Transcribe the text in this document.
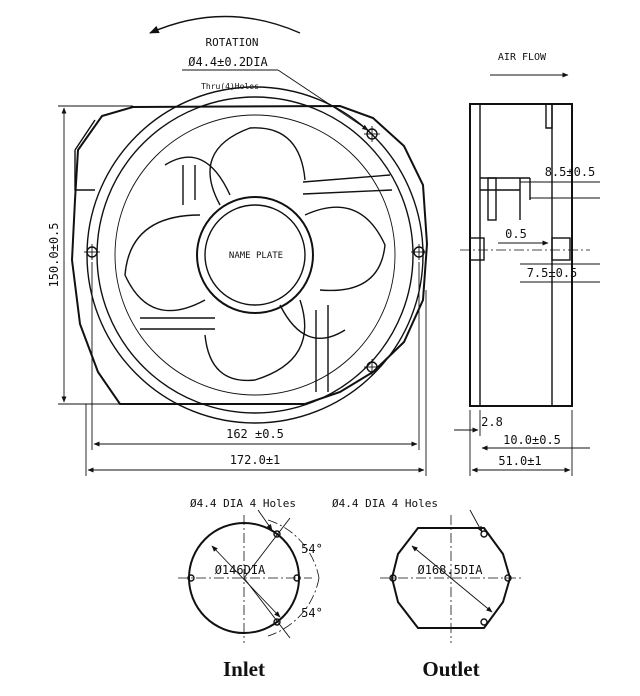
ROTATION
Ø4.4±0.2DIA
Thru(4)Holes
NAME PLATE
150.0±0.5
162 ±0.5
172.0±1
AIR FLOW
8.5±0.5
0.5
7.5±0.5
2.8
10.0±0.5
51.0±1
Ø4.4 DIA 4 Holes
Ø146DIA
54°
54°
Inlet
Ø4.4 DIA 4 Holes
Ø168.5DIA
Outlet
